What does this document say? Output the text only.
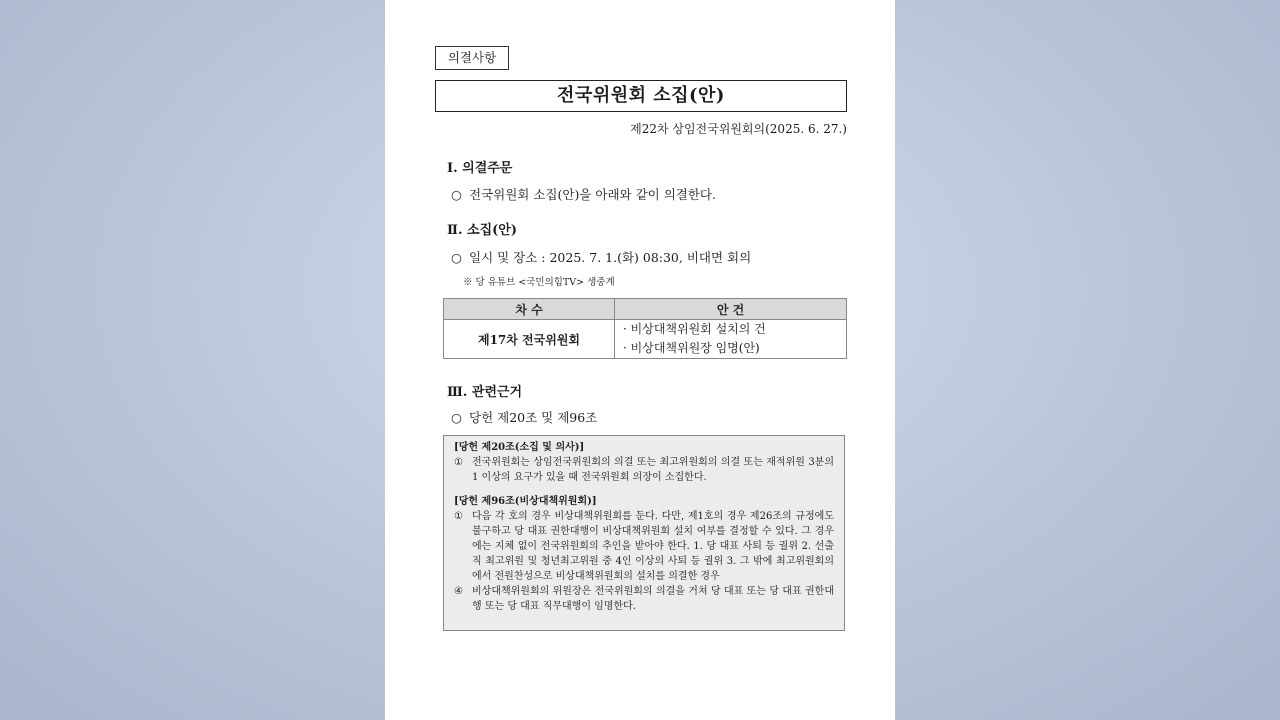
의결사항
전국위원회 소집(안)
제22차 상임전국위원회의(2025. 6. 27.)
Ⅰ. 의결주문
○ 전국위원회 소집(안)을 아래와 같이 의결한다.
Ⅱ. 소집(안)
○ 일시 및 장소 : 2025. 7. 1.(화) 08:30, 비대면 회의
※ 당 유튜브 <국민의힘TV> 생중계
차 수	안 건
제17차 전국위원회	· 비상대책위원회 설치의 건
· 비상대책위원장 임명(안)
Ⅲ. 관련근거
○ 당헌 제20조 및 제96조
[당헌 제20조(소집 및 의사)]
① 전국위원회는 상임전국위원회의 의결 또는 최고위원회의 의결 또는 재적위원 3분의 1 이상의 요구가 있을 때 전국위원회 의장이 소집한다.
[당헌 제96조(비상대책위원회)]
① 다음 각 호의 경우 비상대책위원회를 둔다. 다만, 제1호의 경우 제26조의 규정에도 불구하고 당 대표 권한대행이 비상대책위원회 설치 여부를 결정할 수 있다. 그 경우에는 지체 없이 전국위원회의 추인을 받아야 한다. 1. 당 대표 사퇴 등 궐위 2. 선출직 최고위원 및 청년최고위원 중 4인 이상의 사퇴 등 궐위 3. 그 밖에 최고위원회의에서 전원찬성으로 비상대책위원회의 설치를 의결한 경우
④ 비상대책위원회의 위원장은 전국위원회의 의결을 거쳐 당 대표 또는 당 대표 권한대행 또는 당 대표 직무대행이 임명한다.
